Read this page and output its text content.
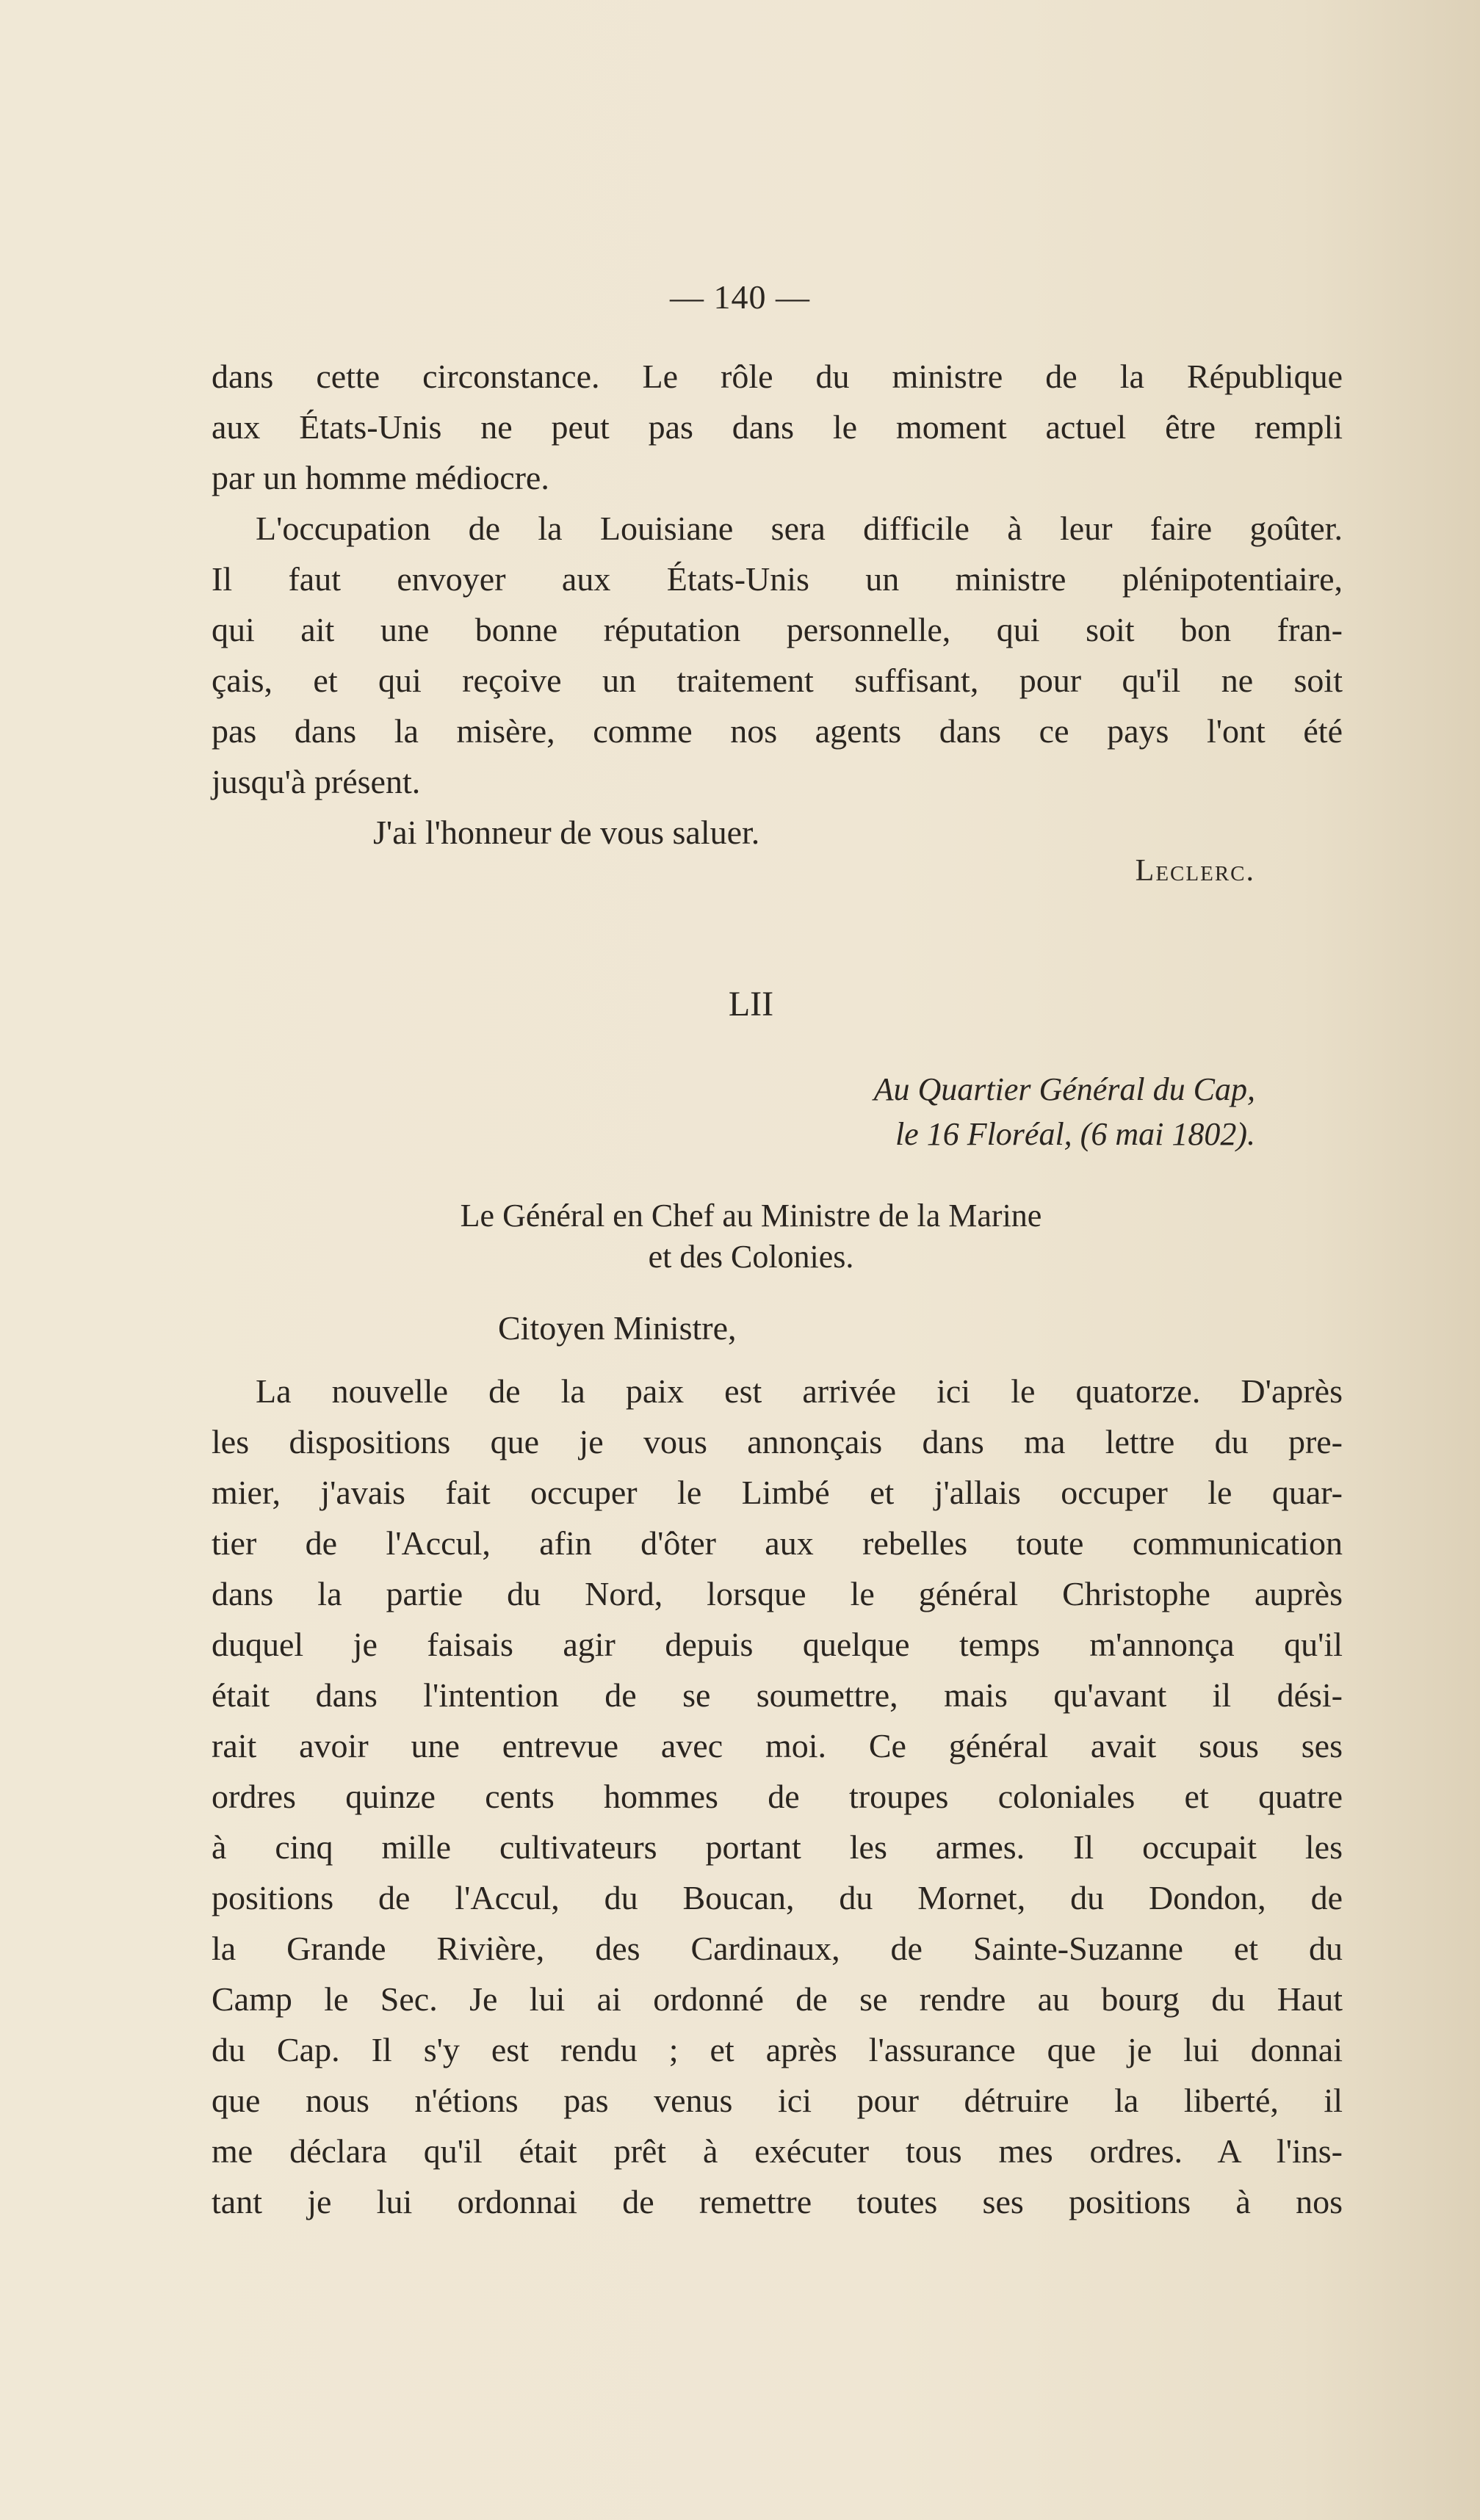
— 140 —
dans cette circonstance. Le rôle du ministre de la République
aux États-Unis ne peut pas dans le moment actuel être rempli
par un homme médiocre.
L'occupation de la Louisiane sera difficile à leur faire goûter.
Il faut envoyer aux États-Unis un ministre plénipotentiaire,
qui ait une bonne réputation personnelle, qui soit bon fran-
çais, et qui reçoive un traitement suffisant, pour qu'il ne soit
pas dans la misère, comme nos agents dans ce pays l'ont été
jusqu'à présent.
J'ai l'honneur de vous saluer.
Leclerc.
LII
Au Quartier Général du Cap,
le 16 Floréal, (6 mai 1802).
Le Général en Chef au Ministre de la Marine
et des Colonies.
Citoyen Ministre,
La nouvelle de la paix est arrivée ici le quatorze. D'après
les dispositions que je vous annonçais dans ma lettre du pre-
mier, j'avais fait occuper le Limbé et j'allais occuper le quar-
tier de l'Accul, afin d'ôter aux rebelles toute communication
dans la partie du Nord, lorsque le général Christophe auprès
duquel je faisais agir depuis quelque temps m'annonça qu'il
était dans l'intention de se soumettre, mais qu'avant il dési-
rait avoir une entrevue avec moi. Ce général avait sous ses
ordres quinze cents hommes de troupes coloniales et quatre
à cinq mille cultivateurs portant les armes. Il occupait les
positions de l'Accul, du Boucan, du Mornet, du Dondon, de
la Grande Rivière, des Cardinaux, de Sainte-Suzanne et du
Camp le Sec. Je lui ai ordonné de se rendre au bourg du Haut
du Cap. Il s'y est rendu ; et après l'assurance que je lui donnai
que nous n'étions pas venus ici pour détruire la liberté, il
me déclara qu'il était prêt à exécuter tous mes ordres. A l'ins-
tant je lui ordonnai de remettre toutes ses positions à nos
